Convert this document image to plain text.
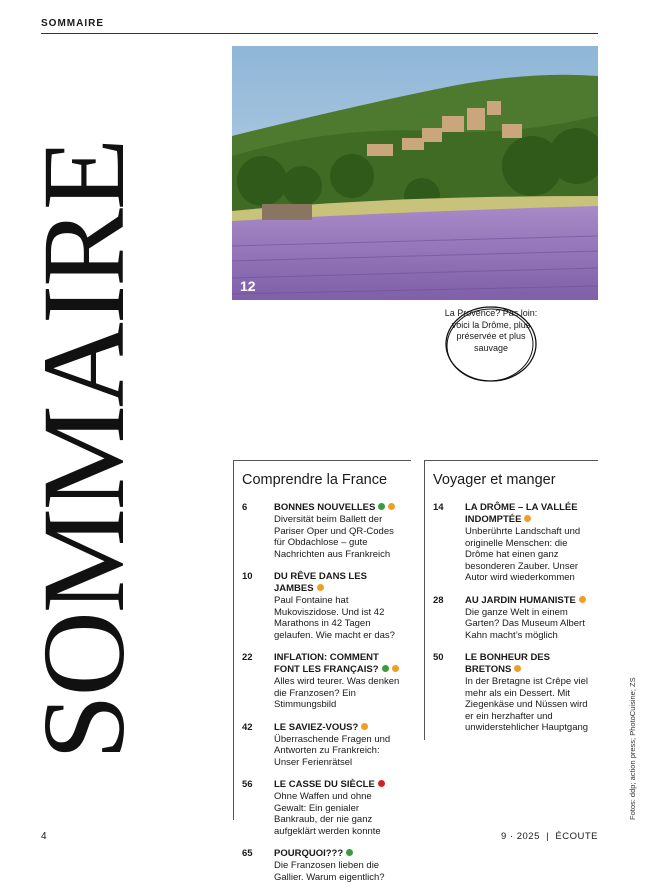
SOMMAIRE
SOMMAIRE	12
La Provence? Pas loin: voici la Drôme, plus préservée et plus sauvage
Comprendre la France
6	BONNES NOUVELLES
Diversität beim Ballett der Pariser Oper und QR-Codes für Obdachlose – gute Nachrichten aus Frankreich
10 DU RÊVE DANS LES JAMBES
Paul Fontaine hat Mukoviszidose. Und ist 42 Marathons in 42 Tagen gelaufen. Wie macht er das?
22 INFLATION: COMMENT FONT LES FRANÇAIS?
Alles wird teurer. Was denken die Franzosen? Ein Stimmungsbild
42 LE SAVIEZ-VOUS?
Überraschende Fragen und Antworten zu Frankreich: Unser Ferienrätsel
56 LE CASSE DU SIÈCLE
Ohne Waffen und ohne Gewalt: Ein genialer Bankraub, der nie ganz aufgeklärt werden konnte
65 POURQUOI???
Die Franzosen lieben die Gallier. Warum eigentlich?
Voyager et manger
14 LA DRÔME – LA VALLÉE INDOMPTÉE
Unberührte Landschaft und originelle Menschen: die Drôme hat einen ganz besonderen Zauber. Unser Autor wird wiederkommen
28 AU JARDIN HUMANISTE
Die ganze Welt in einem Garten? Das Museum Albert Kahn macht’s möglich
50 LE BONHEUR DES BRETONS
In der Bretagne ist Crêpe viel mehr als ein Dessert. Mit Ziegenkäse und Nüssen wird er ein herzhafter und unwiderstehlicher Hauptgang
4	9 · 2025  |  ÉCOUTE
Fotos: ddp; action press; PhotoCuisine; ZS
